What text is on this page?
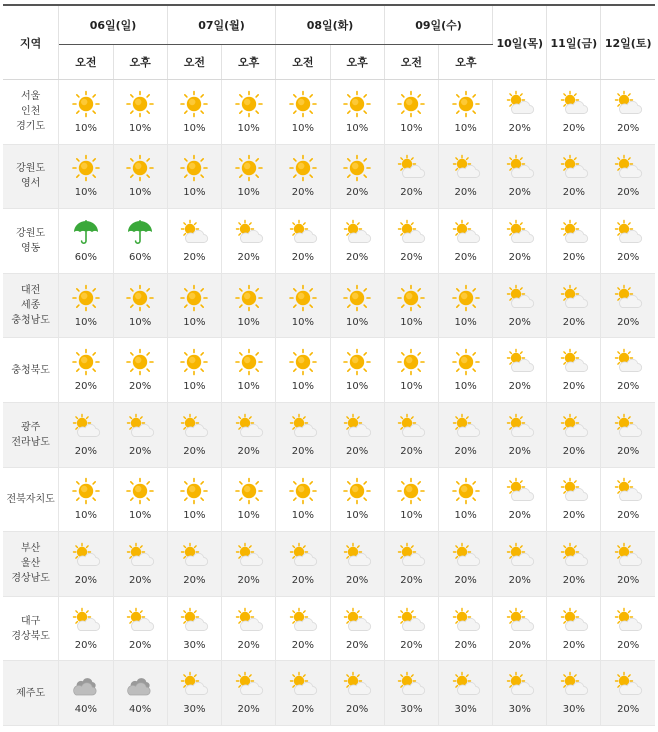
지역	06일(일)		07일(월)		08일(화)		09일(수)		10일(목)	11일(금)	12일(토)
	오전	오후	오전	오후	오전	오후	오전	오후			

서울
인천
경기도	10%	10%	10%	10%	10%	10%	10%	10%	20%	20%	20%

강원도
영서	10%	10%	10%	10%	20%	20%	20%	20%	20%	20%	20%

강원도
영동	60%	60%	20%	20%	20%	20%	20%	20%	20%	20%	20%

대전
세종
충청남도	10%	10%	10%	10%	10%	10%	10%	10%	20%	20%	20%

충청북도	20%	20%	10%	10%	10%	10%	10%	10%	20%	20%	20%

광주
전라남도	20%	20%	20%	20%	20%	20%	20%	20%	20%	20%	20%

전북자치도	10%	10%	10%	10%	10%	10%	10%	10%	20%	20%	20%

부산
울산
경상남도	20%	20%	20%	20%	20%	20%	20%	20%	20%	20%	20%

대구
경상북도	20%	20%	30%	20%	20%	20%	20%	20%	20%	20%	20%

제주도	40%	40%	30%	20%	20%	20%	30%	30%	30%	30%	20%
